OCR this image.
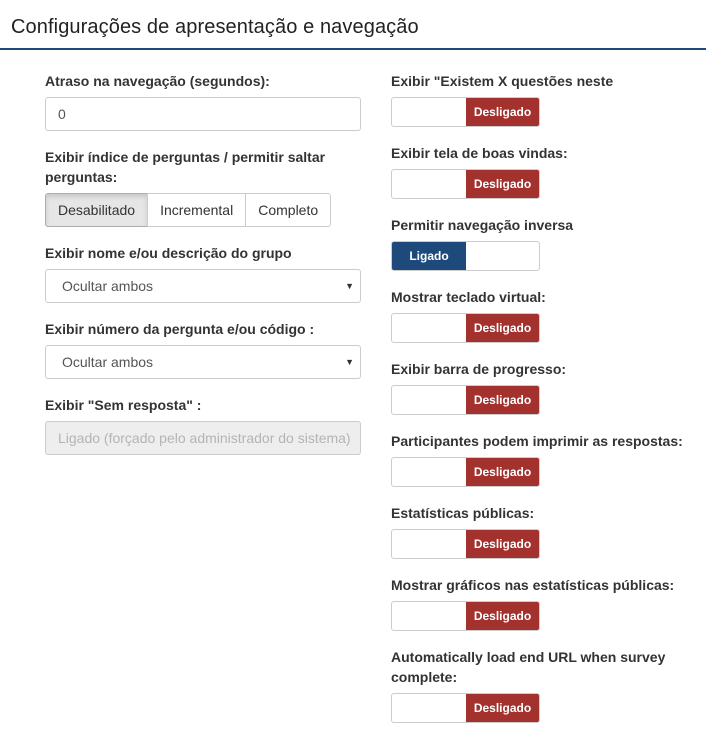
Configurações de apresentação e navegação
Atraso na navegação (segundos):
0
Exibir índice de perguntas / permitir saltar
perguntas:
Desabilitado	Incremental	Completo
Exibir nome e/ou descrição do grupo
Ocultar ambos	▼
Exibir número da pergunta e/ou código :
Ocultar ambos	▼
Exibir "Sem resposta" :
Ligado (forçado pelo administrador do sistema)
Exibir "Existem X questões neste
Desligado
Exibir tela de boas vindas:
Desligado
Permitir navegação inversa
Ligado
Mostrar teclado virtual:
Desligado
Exibir barra de progresso:
Desligado
Participantes podem imprimir as respostas:
Desligado
Estatísticas públicas:
Desligado
Mostrar gráficos nas estatísticas públicas:
Desligado
Automatically load end URL when survey
complete:
Desligado
